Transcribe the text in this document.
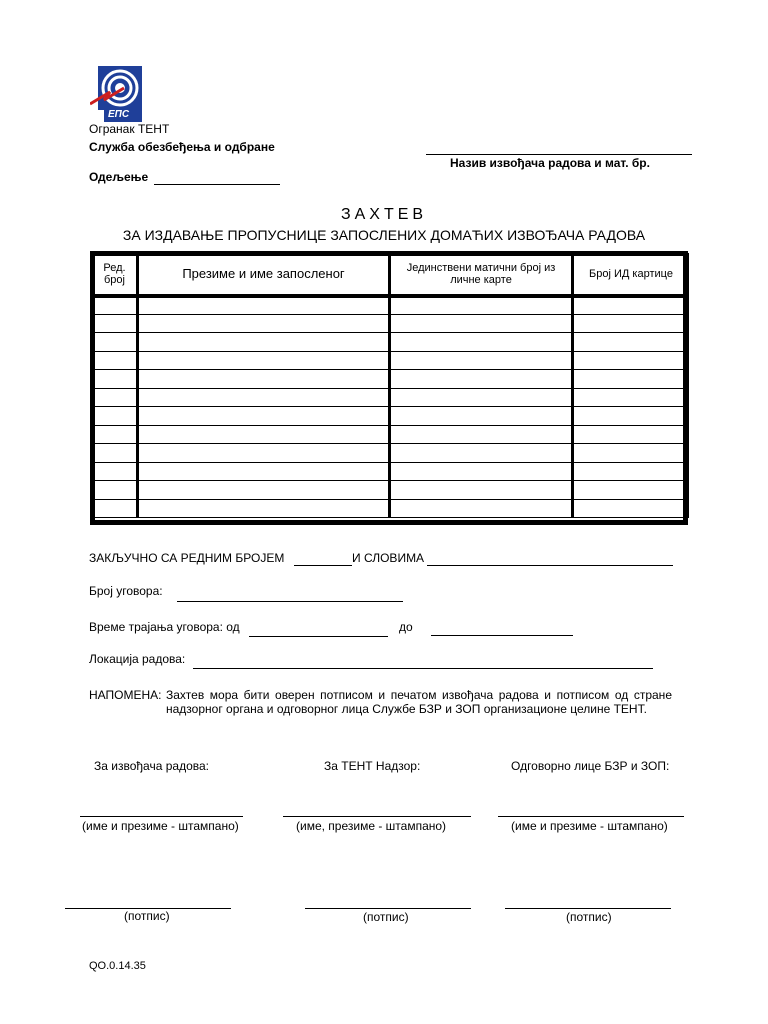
ЕПС
Огранак ТЕНТ
Служба обезбеђења и одбране
Одељење
Назив извођача радова и мат. бр.
ЗАХТЕВ
ЗА ИЗДАВАЊЕ ПРОПУСНИЦЕ ЗАПОСЛЕНИХ ДОМАЋИХ ИЗВОЂАЧА РАДОВА
Ред. број	Презиме и име запосленог	Јединствени матични број из личне карте	Број ИД картице

ЗАКЉУЧНО СА РЕДНИМ БРОЈЕМ	И СЛОВИМА
Број уговора:
Време трајања уговора: од	до
Локација радова:
НАПОМЕНА: Захтев мора бити оверен потписом и печатом извођача радова и потписом од стране надзорног органа и одговорног лица Службе БЗР и ЗОП организационе целине ТЕНТ.
За извођача радова:	За ТЕНТ Надзор:	Одговорно лице БЗР и ЗОП:
(име и презиме - штампано)	(име, презиме - штампано)	(име и презиме - штампано)
(потпис)	(потпис)	(потпис)
QO.0.14.35
